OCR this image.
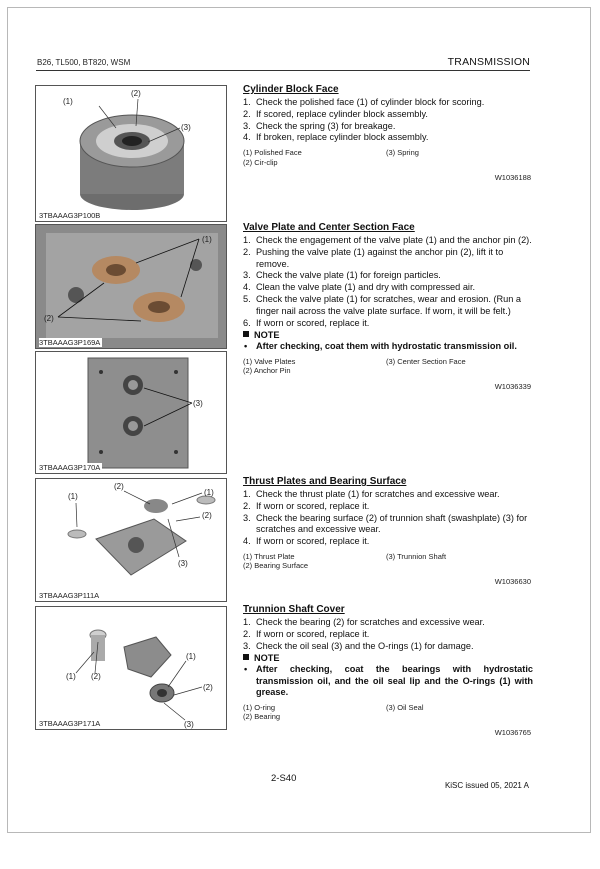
B26, TL500, BT820, WSM	TRANSMISSION
(1)
(2)
(3)
3TBAAAG3P100B
(1)
(2)
3TBAAAG3P169A
(3)
3TBAAAG3P170A
(1)
(2)
(1)
(2)
(3)
3TBAAAG3P111A
(1) (2)
(1)
(2)
(3)
3TBAAAG3P171A
Cylinder Block Face
1. Check the polished face (1) of cylinder block for scoring.
2. If scored, replace cylinder block assembly.
3. Check the spring (3) for breakage.
4. If broken, replace cylinder block assembly.
(1) Polished Face	(3) Spring
(2) Cir-clip
W1036188
Valve Plate and Center Section Face
1. Check the engagement of the valve plate (1) and the anchor pin (2).
2. Pushing the valve plate (1) against the anchor pin (2), lift it to remove.
3. Check the valve plate (1) for foreign particles.
4. Clean the valve plate (1) and dry with compressed air.
5. Check the valve plate (1) for scratches, wear and erosion. (Run a finger nail across the valve plate surface. If worn, it will be felt.)
6. If worn or scored, replace it.
NOTE
• After checking, coat them with hydrostatic transmission oil.
(1) Valve Plates	(3) Center Section Face
(2) Anchor Pin
W1036339
Thrust Plates and Bearing Surface
1. Check the thrust plate (1) for scratches and excessive wear.
2. If worn or scored, replace it.
3. Check the bearing surface (2) of trunnion shaft (swashplate) (3) for scratches and excessive wear.
4. If worn or scored, replace it.
(1) Thrust Plate	(3) Trunnion Shaft
(2) Bearing Surface
W1036630
Trunnion Shaft Cover
1. Check the bearing (2) for scratches and excessive wear.
2. If worn or scored, replace it.
3. Check the oil seal (3) and the O-rings (1) for damage.
NOTE
• After checking, coat the bearings with hydrostatic transmission oil, and the oil seal lip and the O-rings (1) with grease.
(1) O-ring	(3) Oil Seal
(2) Bearing
W1036765
2-S40
KiSC issued 05, 2021 A
